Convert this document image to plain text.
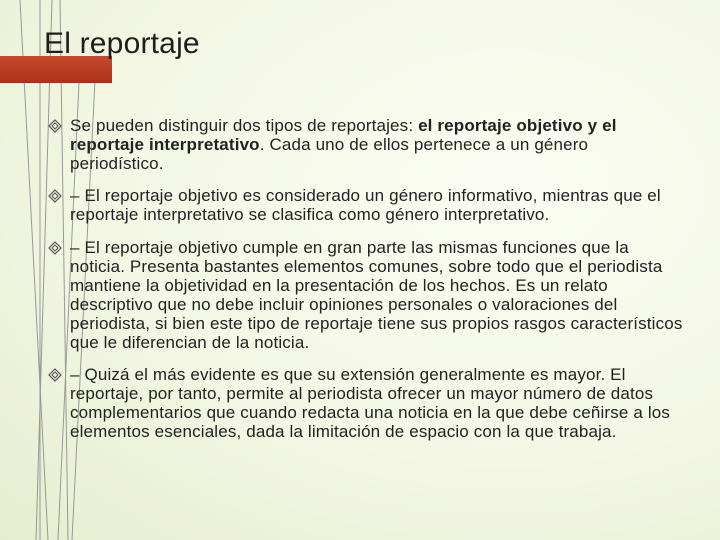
El reportaje
Se pueden distinguir dos tipos de reportajes: el reportaje objetivo y el reportaje interpretativo. Cada uno de ellos pertenece a un género periodístico.
– El reportaje objetivo es considerado un género informativo, mientras que el reportaje interpretativo se clasifica como género interpretativo.
– El reportaje objetivo cumple en gran parte las mismas funciones que la noticia. Presenta bastantes elementos comunes, sobre todo que el periodista mantiene la objetividad en la presentación de los hechos. Es un relato descriptivo que no debe incluir opiniones personales o valoraciones del periodista, si bien este tipo de reportaje tiene sus propios rasgos característicos que le diferencian de la noticia.
– Quizá el más evidente es que su extensión generalmente es mayor. El reportaje, por tanto, permite al periodista ofrecer un mayor número de datos complementarios que cuando redacta una noticia en la que debe ceñirse a los elementos esenciales, dada la limitación de espacio con la que trabaja.
